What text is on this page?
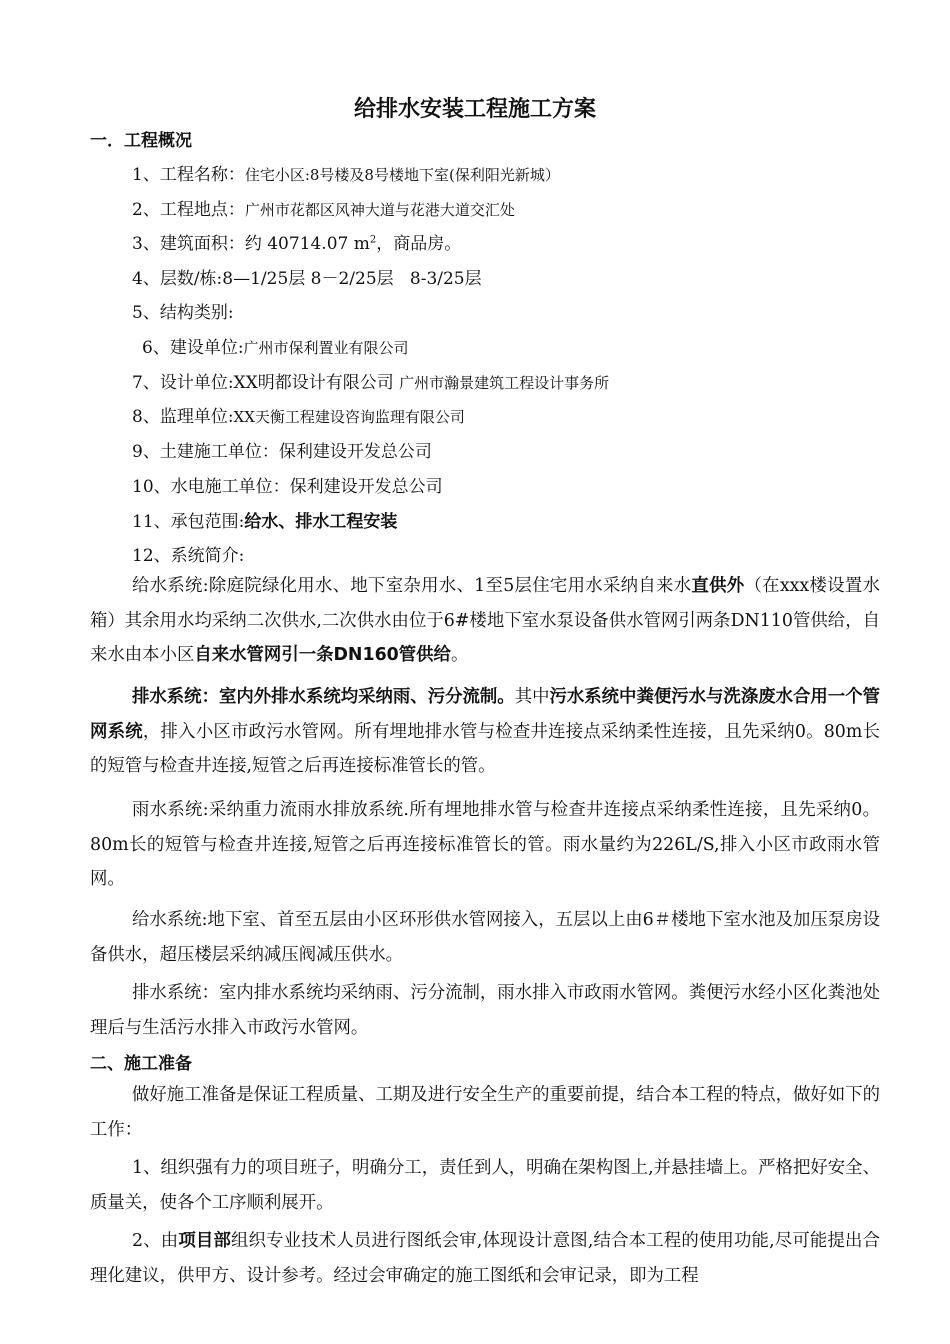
给排水安装工程施工方案
一．工程概况
1、工程名称：住宅小区:8号楼及8号楼地下室(保利阳光新城）
2、工程地点：广州市花都区风神大道与花港大道交汇处
3、建筑面积：约 40714.07 $m^2$，商品房。
4、层数/栋:8—1/25层 8－2/25层   8-3/25层
5、结构类别:
6、建设单位:广州市保利置业有限公司
7、设计单位:XX明都设计有限公司 广州市瀚景建筑工程设计事务所
8、监理单位:XX天衡工程建设咨询监理有限公司
9、土建施工单位：保利建设开发总公司
10、水电施工单位：保利建设开发总公司
11、承包范围:给水、排水工程安装
12、系统简介:
给水系统:除庭院绿化用水、地下室杂用水、1至5层住宅用水采纳自来水直供外（在xxx楼设置水箱）其余用水均采纳二次供水,二次供水由位于6#楼地下室水泵设备供水管网引两条DN110管供给，自来水由本小区自来水管网引一条DN160管供给。
排水系统：室内外排水系统均采纳雨、污分流制。其中污水系统中粪便污水与洗涤废水合用一个管网系统，排入小区市政污水管网。所有埋地排水管与检查井连接点采纳柔性连接，且先采纳0。80m长的短管与检查井连接,短管之后再连接标准管长的管。
雨水系统:采纳重力流雨水排放系统.所有埋地排水管与检查井连接点采纳柔性连接，且先采纳0。80m长的短管与检查井连接,短管之后再连接标准管长的管。雨水量约为226L/S,排入小区市政雨水管网。
给水系统:地下室、首至五层由小区环形供水管网接入，五层以上由6＃楼地下室水池及加压泵房设备供水，超压楼层采纳减压阀减压供水。
排水系统：室内排水系统均采纳雨、污分流制，雨水排入市政雨水管网。粪便污水经小区化粪池处理后与生活污水排入市政污水管网。
二、施工准备
做好施工准备是保证工程质量、工期及进行安全生产的重要前提，结合本工程的特点，做好如下的工作：
1、组织强有力的项目班子，明确分工，责任到人，明确在架构图上,并悬挂墙上。严格把好安全、质量关，使各个工序顺利展开。
2、由项目部组织专业技术人员进行图纸会审,体现设计意图,结合本工程的使用功能,尽可能提出合理化建议，供甲方、设计参考。经过会审确定的施工图纸和会审记录，即为工程
